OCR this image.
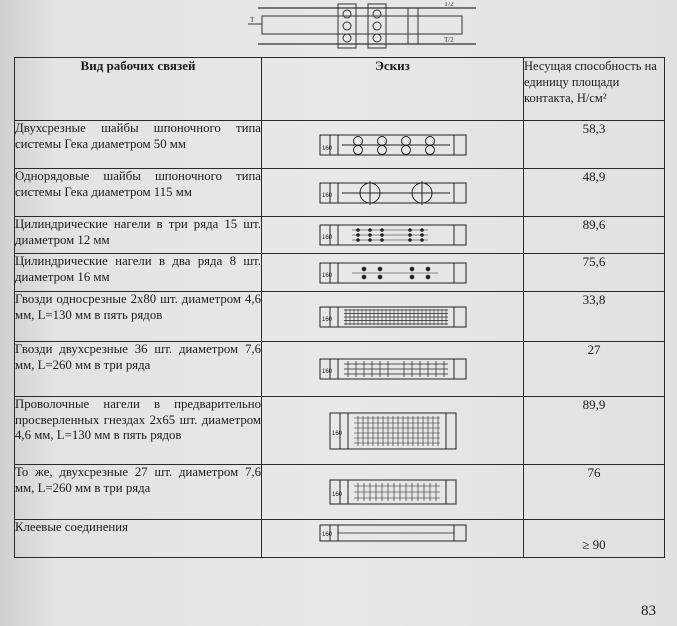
T/2
T/2
T
Вид рабочих связей	Эскиз	Несущая способность на единицу площади контакта, Н/см²
Двухсрезные шайбы шпоночного типа системы Гека диаметром 50 мм	160	58,3
Однорядовые шайбы шпоночного типа системы Гека диаметром 115 мм	160	48,9
Цилиндрические нагели в три ряда 15 шт. диаметром 12 мм	160	89,6
Цилиндрические нагели в два ряда 8 шт. диаметром 16 мм	160	75,6
Гвозди односрезные 2х80 шт. диаметром 4,6 мм, L=130 мм в пять рядов	160	33,8
Гвозди двухсрезные 36 шт. диаметром 7,6 мм, L=260 мм в три ряда	160	27
Проволочные нагели в предварительно просверленных гнездах 2х65 шт. диаметром 4,6 мм, L=130 мм в пять рядов	160	89,9
То же, двухсрезные 27 шт. диаметром 7,6 мм, L=260 мм в три ряда	160	76
Клеевые соединения	160	≥ 90
83
